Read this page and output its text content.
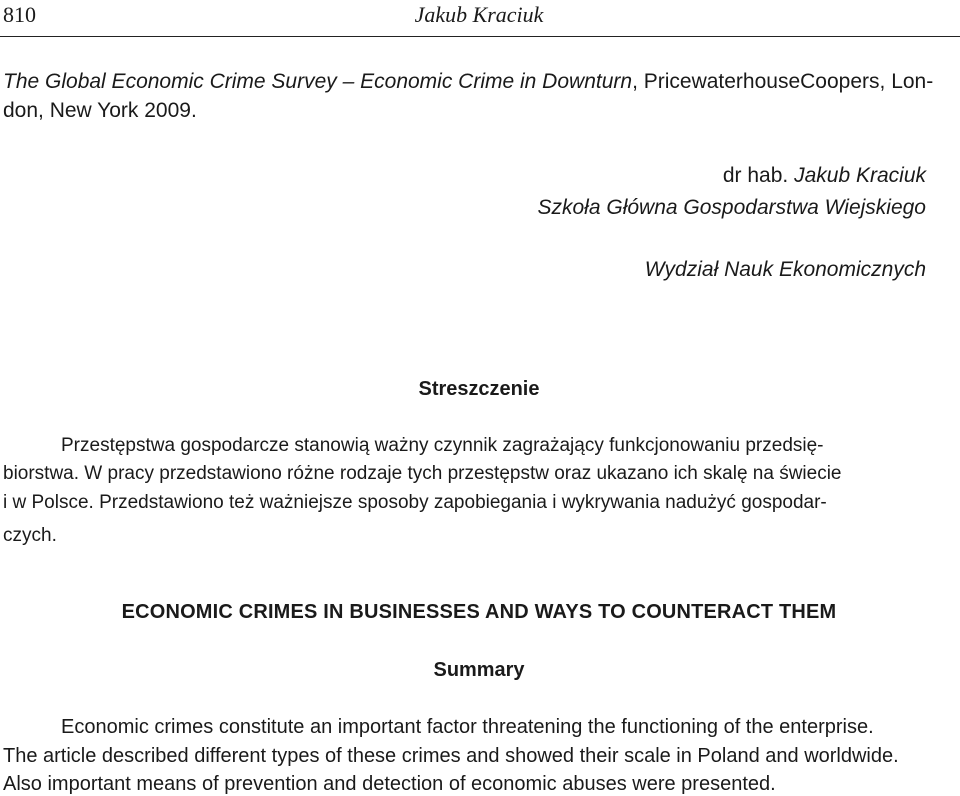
810	Jakub Kraciuk
The Global Economic Crime Survey – Economic Crime in Downturn, PricewaterhouseCoopers, Lon-
don, New York 2009.
dr hab. Jakub Kraciuk
Szkoła Główna Gospodarstwa Wiejskiego
Wydział Nauk Ekonomicznych
Streszczenie
Przestępstwa gospodarcze stanowią ważny czynnik zagrażający funkcjonowaniu przedsię-
biorstwa. W pracy przedstawiono różne rodzaje tych przestępstw oraz ukazano ich skalę na świecie
i w Polsce. Przedstawiono też ważniejsze sposoby zapobiegania i wykrywania nadużyć gospodar-
czych.
ECONOMIC CRIMES IN BUSINESSES AND WAYS TO COUNTERACT THEM
Summary
Economic crimes constitute an important factor threatening the functioning of the enterprise.
The article described different types of these crimes and showed their scale in Poland and worldwide.
Also important means of prevention and detection of economic abuses were presented.
